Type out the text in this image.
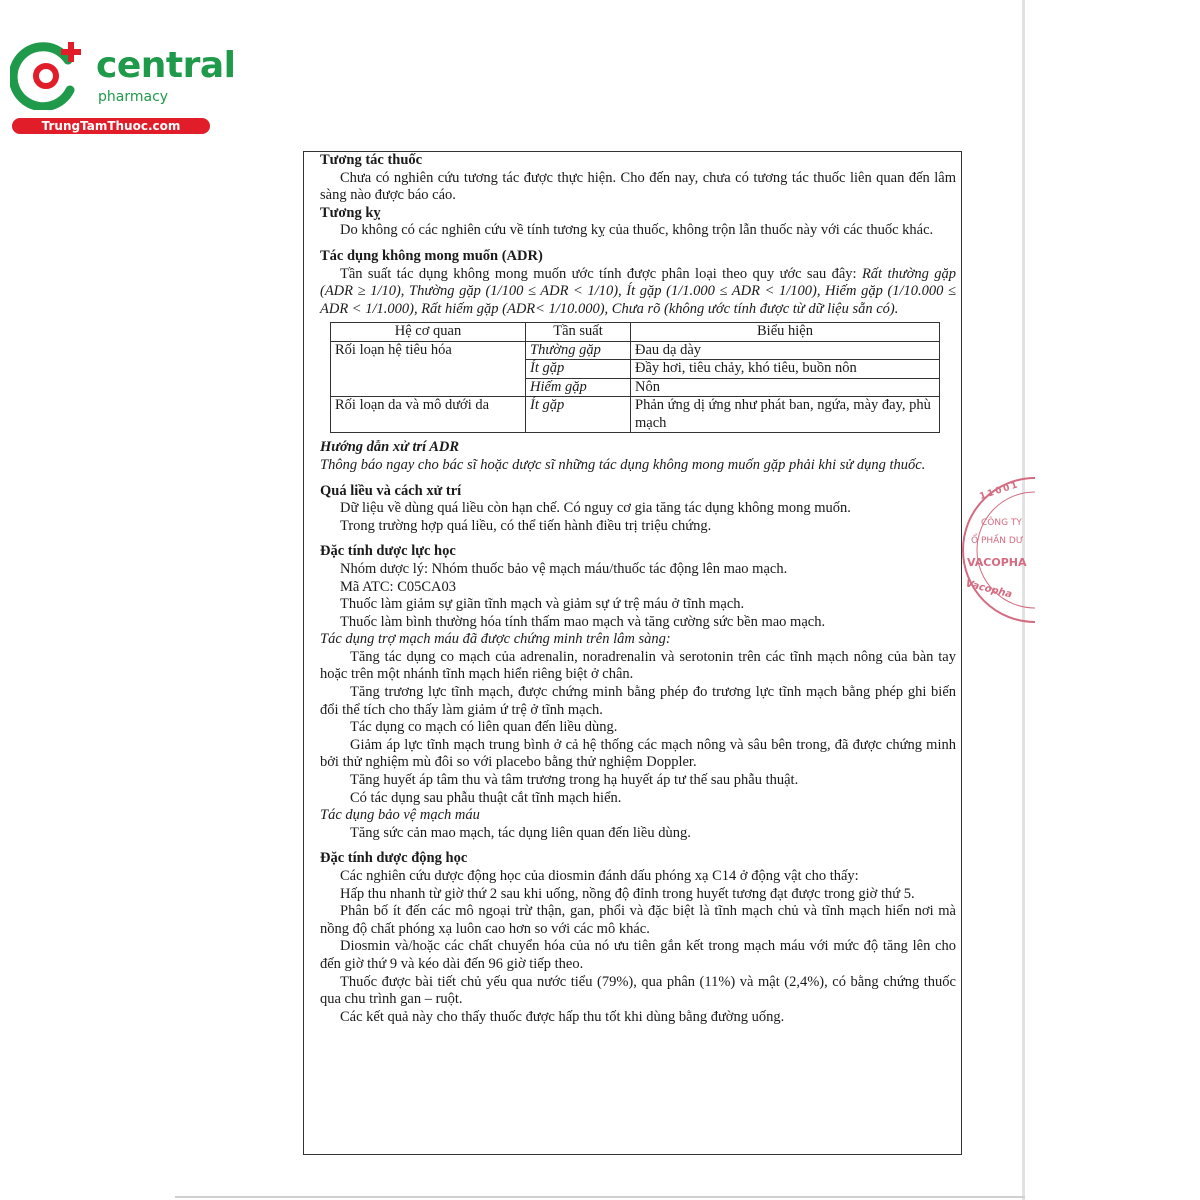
central
pharmacy
TrungTamThuoc.com

Tương tác thuốc

Chưa có nghiên cứu tương tác được thực hiện. Cho đến nay, chưa có tương tác thuốc liên quan đến lâm sàng nào được báo cáo.

Tương kỵ

Do không có các nghiên cứu về tính tương kỵ của thuốc, không trộn lẫn thuốc này với các thuốc khác.

Tác dụng không mong muốn (ADR)

Tần suất tác dụng không mong muốn ước tính được phân loại theo quy ước sau đây: Rất thường gặp (ADR ≥ 1/10), Thường gặp (1/100 ≤ ADR < 1/10), Ít gặp (1/1.000 ≤ ADR < 1/100), Hiếm gặp (1/10.000 ≤ ADR < 1/1.000), Rất hiếm gặp (ADR< 1/10.000), Chưa rõ (không ước tính được từ dữ liệu sẵn có).

Hệ cơ quan	Tần suất	Biểu hiện
Rối loạn hệ tiêu hóa	Thường gặp	Đau dạ dày
	Ít gặp	Đầy hơi, tiêu chảy, khó tiêu, buồn nôn
	Hiếm gặp	Nôn
Rối loạn da và mô dưới da	Ít gặp	Phản ứng dị ứng như phát ban, ngứa, mày đay, phù mạch

Hướng dẫn xử trí ADR

Thông báo ngay cho bác sĩ hoặc dược sĩ những tác dụng không mong muốn gặp phải khi sử dụng thuốc.

Quá liều và cách xử trí

Dữ liệu về dùng quá liều còn hạn chế. Có nguy cơ gia tăng tác dụng không mong muốn.

Trong trường hợp quá liều, có thể tiến hành điều trị triệu chứng.

Đặc tính dược lực học

Nhóm dược lý: Nhóm thuốc bảo vệ mạch máu/thuốc tác động lên mao mạch.

Mã ATC: C05CA03

Thuốc làm giảm sự giãn tĩnh mạch và giảm sự ứ trệ máu ở tĩnh mạch.

Thuốc làm bình thường hóa tính thấm mao mạch và tăng cường sức bền mao mạch.

Tác dụng trợ mạch máu đã được chứng minh trên lâm sàng:

Tăng tác dụng co mạch của adrenalin, noradrenalin và serotonin trên các tĩnh mạch nông của bàn tay hoặc trên một nhánh tĩnh mạch hiển riêng biệt ở chân.

Tăng trương lực tĩnh mạch, được chứng minh bằng phép đo trương lực tĩnh mạch bằng phép ghi biến đổi thể tích cho thấy làm giảm ứ trệ ở tĩnh mạch.

Tác dụng co mạch có liên quan đến liều dùng.

Giảm áp lực tĩnh mạch trung bình ở cả hệ thống các mạch nông và sâu bên trong, đã được chứng minh bởi thử nghiệm mù đôi so với placebo bằng thử nghiệm Doppler.

Tăng huyết áp tâm thu và tâm trương trong hạ huyết áp tư thế sau phẫu thuật.

Có tác dụng sau phẫu thuật cắt tĩnh mạch hiển.

Tác dụng bảo vệ mạch máu

Tăng sức cản mao mạch, tác dụng liên quan đến liều dùng.

Đặc tính dược động học

Các nghiên cứu dược động học của diosmin đánh dấu phóng xạ C14 ở động vật cho thấy:

Hấp thu nhanh từ giờ thứ 2 sau khi uống, nồng độ đỉnh trong huyết tương đạt được trong giờ thứ 5.

Phân bố ít đến các mô ngoại trừ thận, gan, phổi và đặc biệt là tĩnh mạch chủ và tĩnh mạch hiển nơi mà nồng độ chất phóng xạ luôn cao hơn so với các mô khác.

Diosmin và/hoặc các chất chuyển hóa của nó ưu tiên gắn kết trong mạch máu với mức độ tăng lên cho đến giờ thứ 9 và kéo dài đến 96 giờ tiếp theo.

Thuốc được bài tiết chủ yếu qua nước tiểu (79%), qua phân (11%) và mật (2,4%), có bằng chứng thuốc qua chu trình gan – ruột.

Các kết quả này cho thấy thuốc được hấp thu tốt khi dùng bằng đường uống.

11001
CÔNG TY
Ổ PHẦN DƯ
VACOPHA
Vacopha
